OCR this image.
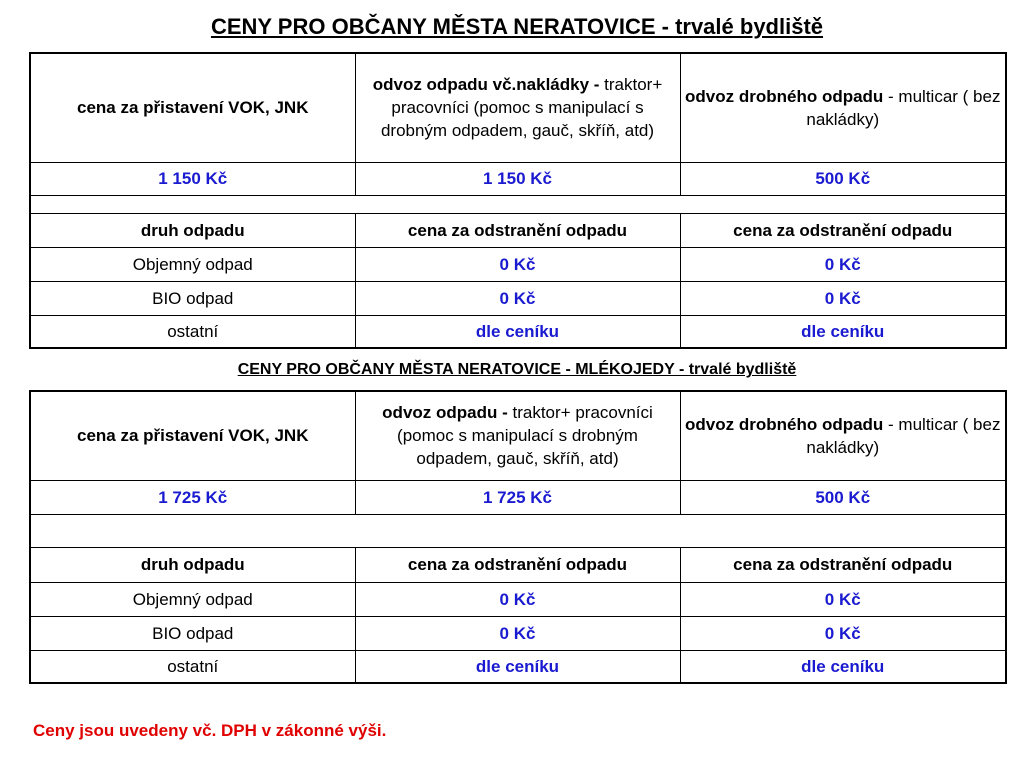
CENY PRO OBČANY MĚSTA NERATOVICE - trvalé bydliště
cena za přistavení VOK, JNK	odvoz odpadu vč.nakládky - traktor+ pracovníci (pomoc s manipulací s drobným odpadem, gauč, skříň, atd)	odvoz drobného odpadu - multicar ( bez nakládky)
1 150 Kč	1 150 Kč	500 Kč

druh odpadu	cena za odstranění odpadu	cena za odstranění odpadu
Objemný odpad	0 Kč	0 Kč
BIO odpad	0 Kč	0 Kč
ostatní	dle ceníku	dle ceníku
CENY PRO OBČANY MĚSTA NERATOVICE - MLÉKOJEDY - trvalé bydliště
cena za přistavení VOK, JNK	odvoz odpadu - traktor+ pracovníci (pomoc s manipulací s drobným odpadem, gauč, skříň, atd)	odvoz drobného odpadu - multicar ( bez nakládky)
1 725 Kč	1 725 Kč	500 Kč

druh odpadu	cena za odstranění odpadu	cena za odstranění odpadu
Objemný odpad	0 Kč	0 Kč
BIO odpad	0 Kč	0 Kč
ostatní	dle ceníku	dle ceníku
Ceny jsou uvedeny vč. DPH v zákonné výši.
